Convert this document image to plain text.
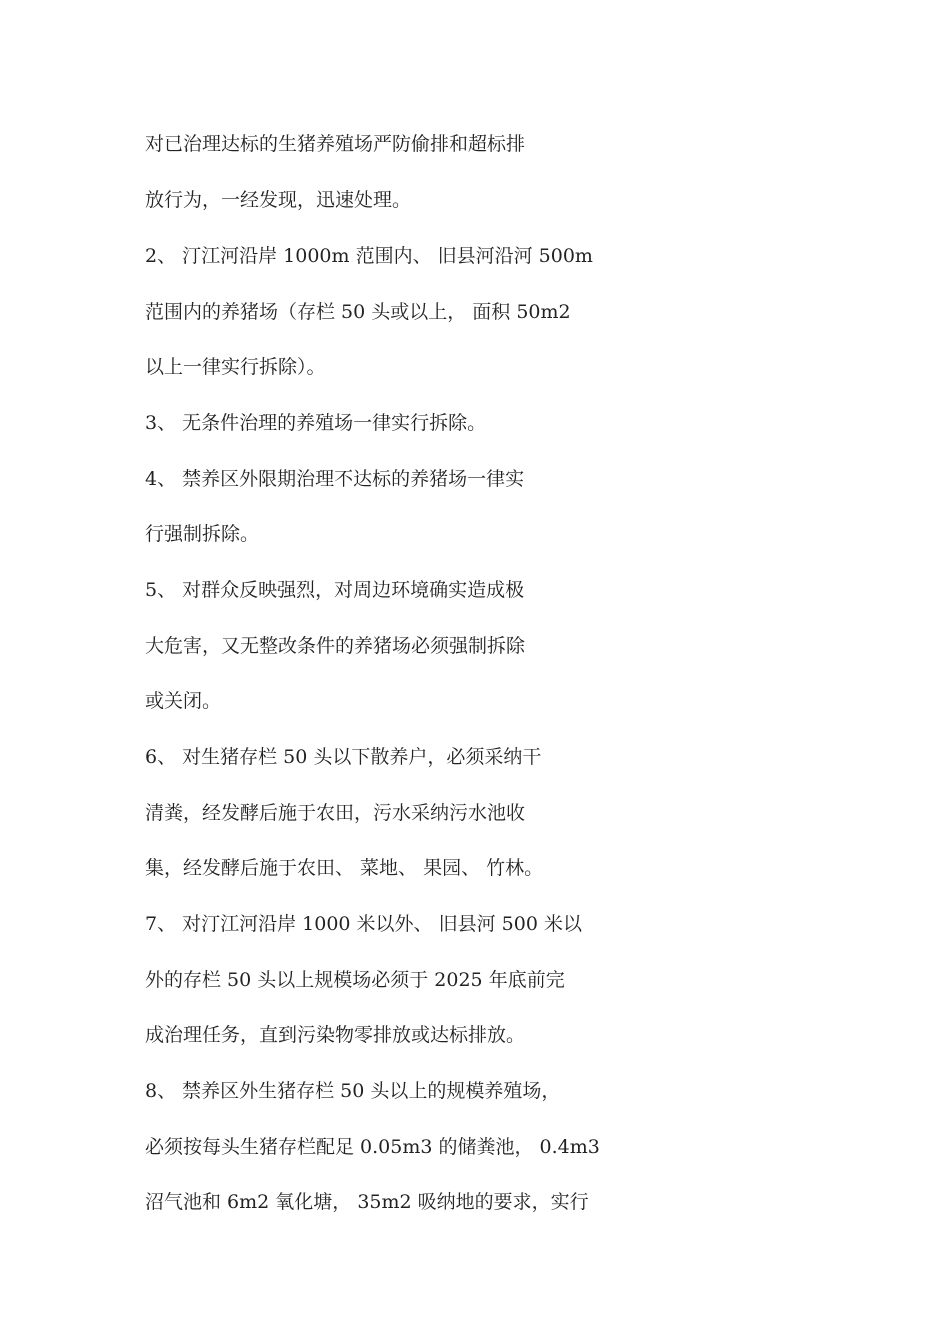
对已治理达标的生猪养殖场严防偷排和超标排
放行为，一经发现，迅速处理。
2、 汀江河沿岸 1000m 范围内、 旧县河沿河 500m
范围内的养猪场（存栏 50 头或以上， 面积 50m2
以上一律实行拆除）。
3、 无条件治理的养殖场一律实行拆除。
4、 禁养区外限期治理不达标的养猪场一律实
行强制拆除。
5、 对群众反映强烈，对周边环境确实造成极
大危害，又无整改条件的养猪场必须强制拆除
或关闭。
6、 对生猪存栏 50 头以下散养户，必须采纳干
清粪，经发酵后施于农田，污水采纳污水池收
集，经发酵后施于农田、 菜地、 果园、 竹林。
7、 对汀江河沿岸 1000 米以外、 旧县河 500 米以
外的存栏 50 头以上规模场必须于 2025 年底前完
成治理任务，直到污染物零排放或达标排放。
8、 禁养区外生猪存栏 50 头以上的规模养殖场，
必须按每头生猪存栏配足 0.05m3 的储粪池， 0.4m3
沼气池和 6m2 氧化塘， 35m2 吸纳地的要求，实行
